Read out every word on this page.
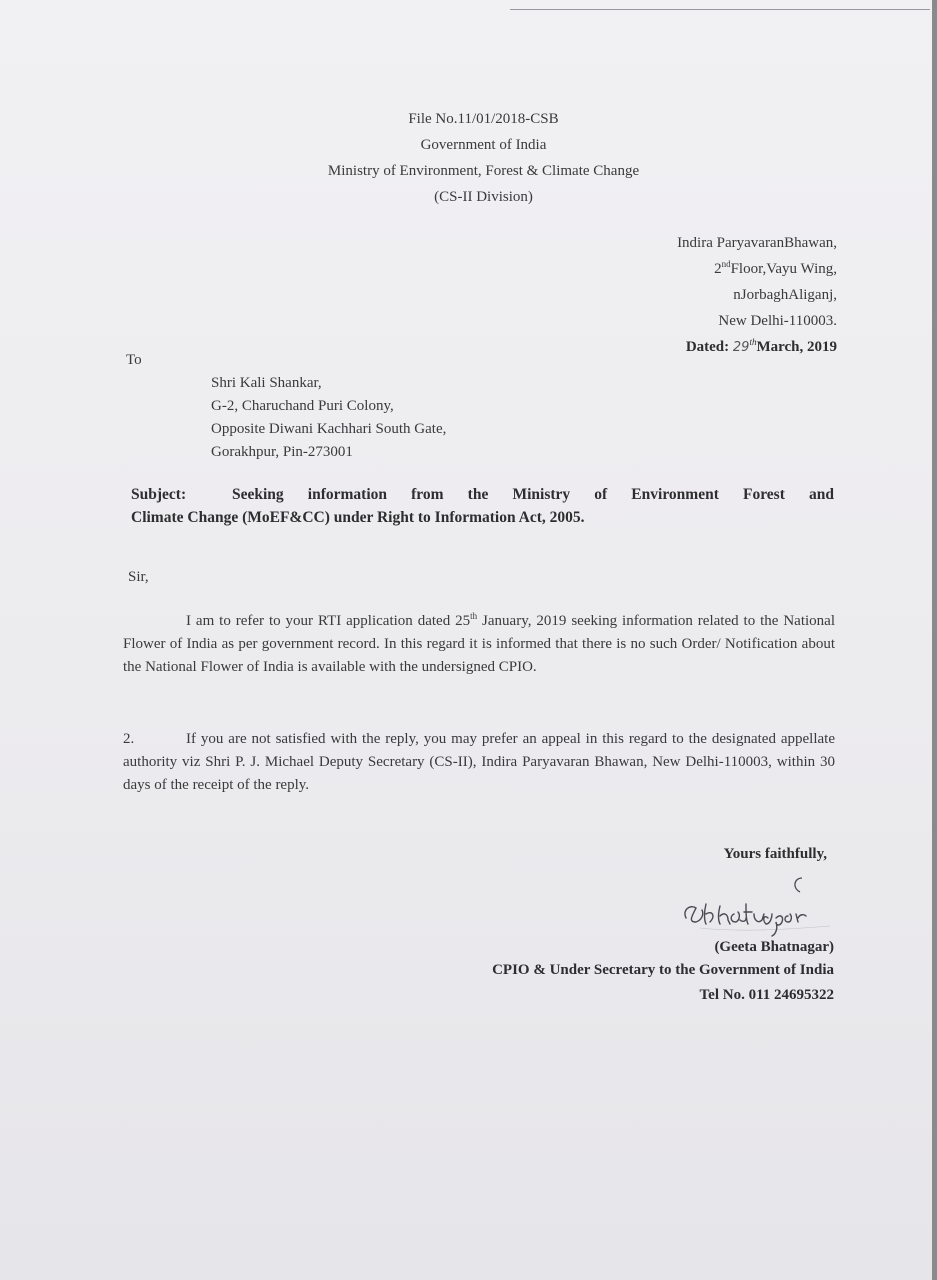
File No.11/01/2018-CSB
Government of India
Ministry of Environment, Forest & Climate Change
(CS-II Division)
Indira ParyavaranBhawan,
2ndFloor,Vayu Wing,
nJorbaghAliganj,
New Delhi-110003.
Dated: 29thMarch, 2019
To
Shri Kali Shankar,
G-2, Charuchand Puri Colony,
Opposite Diwani Kachhari South Gate,
Gorakhpur, Pin-273001
Subject:	Seeking information from the Ministry of Environment Forest and
Climate Change (MoEF&CC) under Right to Information Act, 2005.
Sir,
I am to refer to your RTI application dated 25th January, 2019 seeking information related to the National Flower of India as per government record. In this regard it is informed that there is no such Order/ Notification about the National Flower of India is available with the undersigned CPIO.
2.	If you are not satisfied with the reply, you may prefer an appeal in this regard to the designated appellate authority viz Shri P. J. Michael Deputy Secretary (CS-II), Indira Paryavaran Bhawan, New Delhi-110003, within 30 days of the receipt of the reply.
Yours faithfully,
(Geeta Bhatnagar)
CPIO & Under Secretary to the Government of India
Tel No. 011 24695322
